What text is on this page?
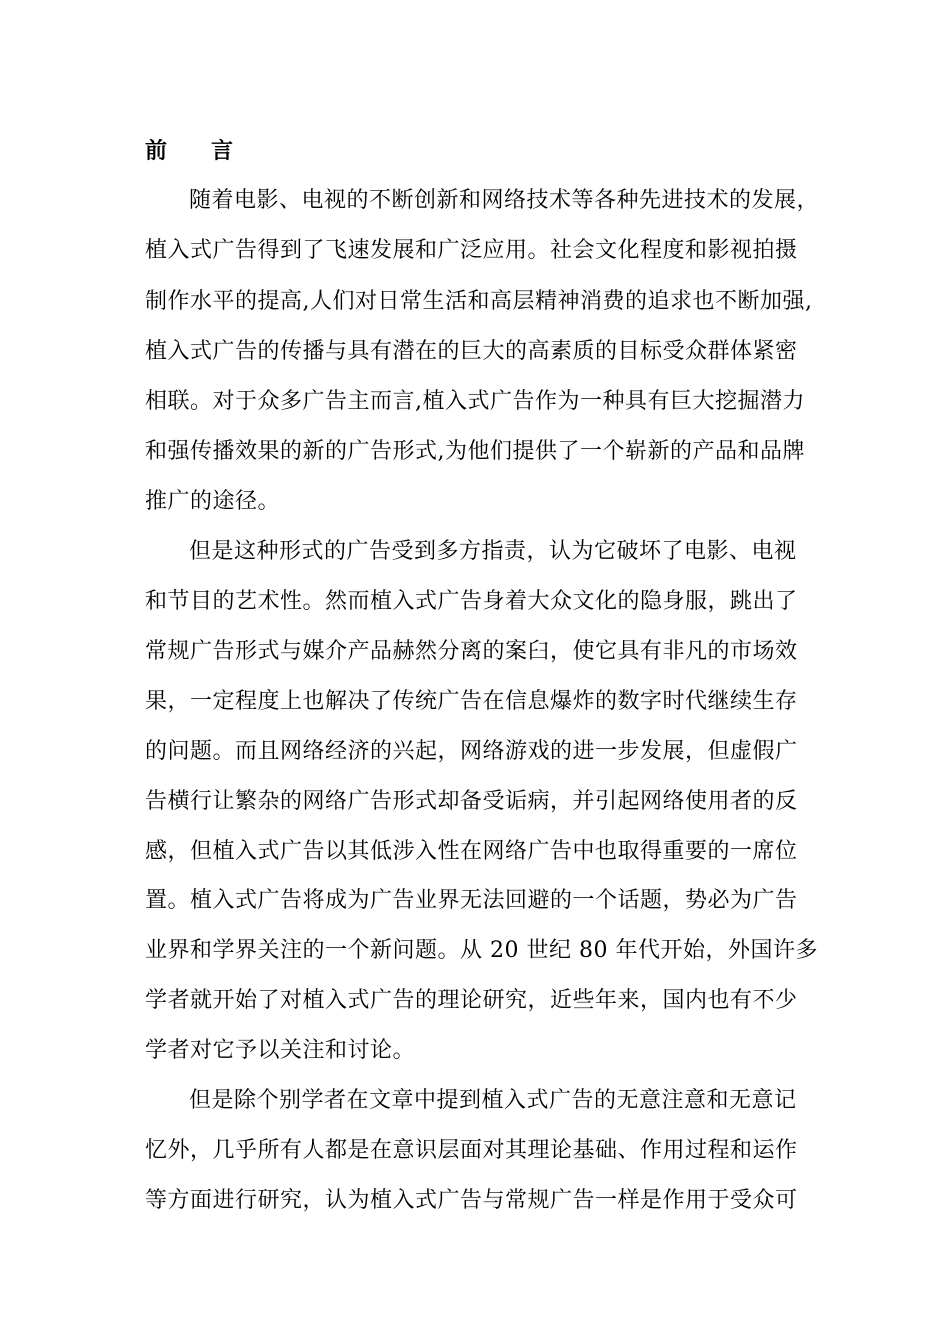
前　　言

随着电影、电视的不断创新和网络技术等各种先进技术的发展，

植入式广告得到了飞速发展和广泛应用。社会文化程度和影视拍摄

制作水平的提高,人们对日常生活和高层精神消费的追求也不断加强,

植入式广告的传播与具有潜在的巨大的高素质的目标受众群体紧密

相联。对于众多广告主而言,植入式广告作为一种具有巨大挖掘潜力

和强传播效果的新的广告形式,为他们提供了一个崭新的产品和品牌

推广的途径。

但是这种形式的广告受到多方指责，认为它破坏了电影、电视

和节目的艺术性。然而植入式广告身着大众文化的隐身服，跳出了

常规广告形式与媒介产品赫然分离的案臼，使它具有非凡的市场效

果，一定程度上也解决了传统广告在信息爆炸的数字时代继续生存

的问题。而且网络经济的兴起，网络游戏的进一步发展，但虚假广

告横行让繁杂的网络广告形式却备受诟病，并引起网络使用者的反

感，但植入式广告以其低涉入性在网络广告中也取得重要的一席位

置。植入式广告将成为广告业界无法回避的一个话题，势必为广告

业界和学界关注的一个新问题。从 20 世纪 80 年代开始，外国许多

学者就开始了对植入式广告的理论研究，近些年来，国内也有不少

学者对它予以关注和讨论。

但是除个别学者在文章中提到植入式广告的无意注意和无意记

忆外，几乎所有人都是在意识层面对其理论基础、作用过程和运作

等方面进行研究，认为植入式广告与常规广告一样是作用于受众可
